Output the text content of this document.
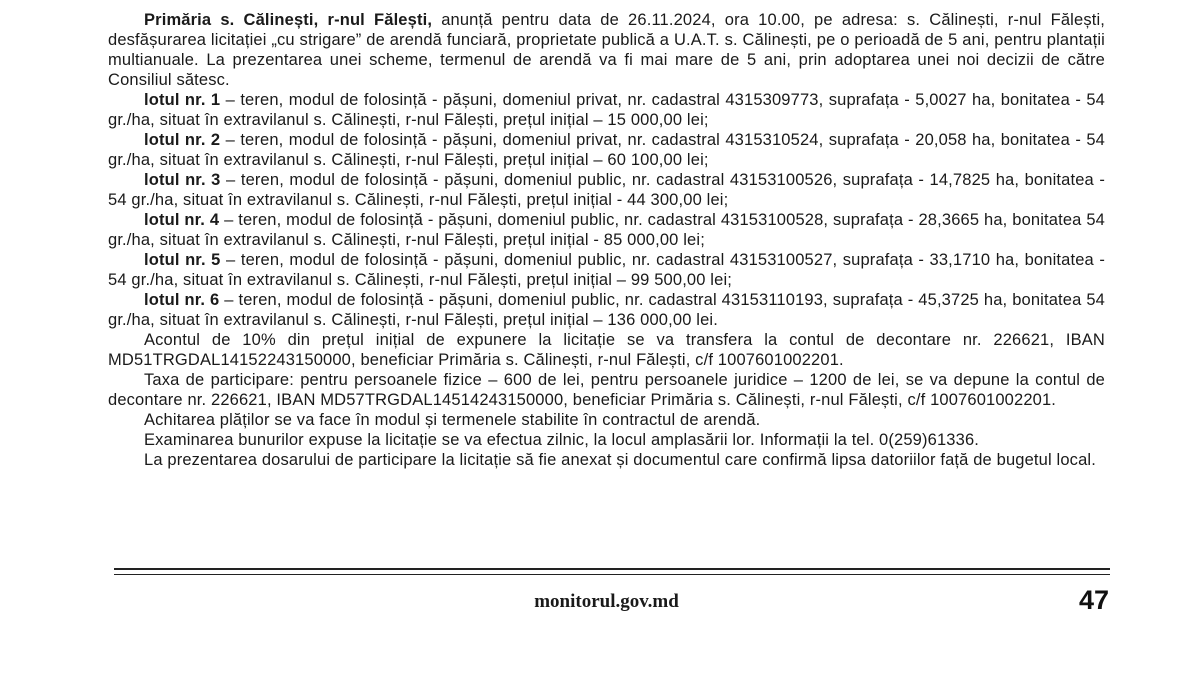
Primăria s. Călinești, r-nul Fălești, anunță pentru data de 26.11.2024, ora 10.00, pe adresa: s. Călinești, r-nul Fălești, desfășurarea licitației „cu strigare” de arendă funciară, proprietate publică a U.A.T. s. Călinești, pe o perioadă de 5 ani, pentru plantații multianuale. La prezentarea unei scheme, termenul de arendă va fi mai mare de 5 ani, prin adoptarea unei noi decizii de către Consiliul sătesc.

lotul nr. 1 – teren, modul de folosință - pășuni, domeniul privat, nr. cadastral 4315309773, suprafața - 5,0027 ha, bonitatea - 54 gr./ha, situat în extravilanul s. Călinești, r-nul Fălești, prețul inițial – 15 000,00 lei;

lotul nr. 2 – teren, modul de folosință - pășuni, domeniul privat, nr. cadastral 4315310524, suprafața - 20,058 ha, bonitatea - 54 gr./ha, situat în extravilanul s. Călinești, r-nul Fălești, prețul inițial – 60 100,00 lei;

lotul nr. 3 – teren, modul de folosință - pășuni, domeniul public, nr. cadastral 43153100526, suprafața - 14,7825 ha, bonitatea - 54 gr./ha, situat în extravilanul s. Călinești, r-nul Fălești, prețul inițial - 44 300,00 lei;

lotul nr. 4 – teren, modul de folosință - pășuni, domeniul public, nr. cadastral 43153100528, suprafața - 28,3665 ha, bonitatea 54 gr./ha, situat în extravilanul s. Călinești, r-nul Fălești, prețul inițial - 85 000,00 lei;

lotul nr. 5 – teren, modul de folosință - pășuni, domeniul public, nr. cadastral 43153100527, suprafața - 33,1710 ha, bonitatea - 54 gr./ha, situat în extravilanul s. Călinești, r-nul Fălești, prețul inițial – 99 500,00 lei;

lotul nr. 6 – teren, modul de folosință - pășuni, domeniul public, nr. cadastral 43153110193, suprafața - 45,3725 ha, bonitatea 54 gr./ha, situat în extravilanul s. Călinești, r-nul Fălești, prețul inițial – 136 000,00 lei.

Acontul de 10% din prețul inițial de expunere la licitație se va transfera la contul de decontare nr. 226621, IBAN MD51TRGDAL14152243150000, beneficiar Primăria s. Călinești, r-nul Fălești, c/f 1007601002201.

Taxa de participare: pentru persoanele fizice – 600 de lei, pentru persoanele juridice – 1200 de lei, se va depune la contul de decontare nr. 226621, IBAN MD57TRGDAL14514243150000, beneficiar Primăria s. Călinești, r-nul Fălești, c/f 1007601002201.

Achitarea plăților se va face în modul și termenele stabilite în contractul de arendă.

Examinarea bunurilor expuse la licitație se va efectua zilnic, la locul amplasării lor. Informații la tel. 0(259)61336.

La prezentarea dosarului de participare la licitație să fie anexat și documentul care confirmă lipsa datoriilor față de bugetul local.

monitorul.gov.md	47
